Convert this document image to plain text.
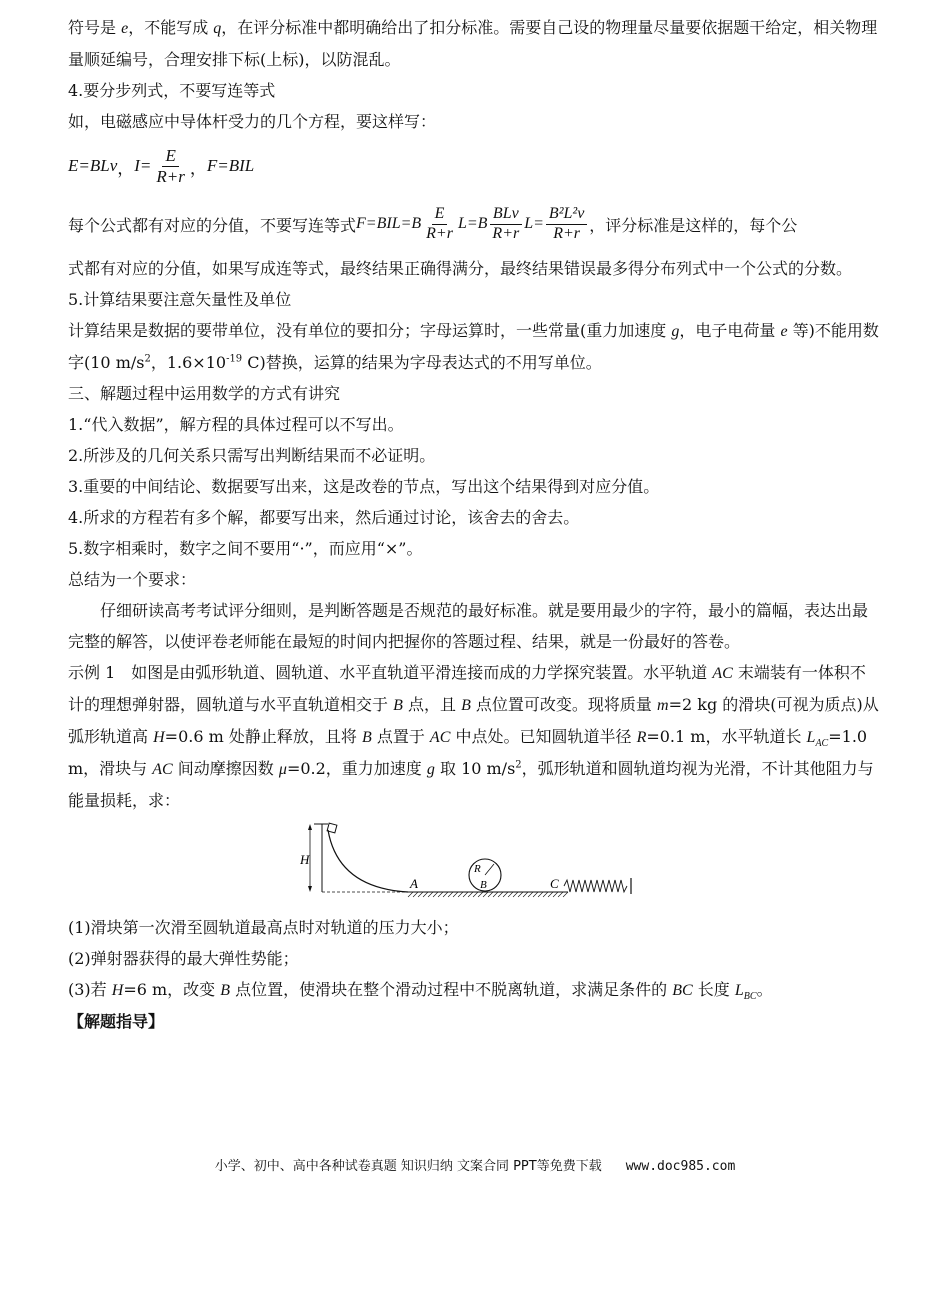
符号是 e，不能写成 q，在评分标准中都明确给出了扣分标准。需要自己设的物理量尽量要依据题干给定，相关物理量顺延编号，合理安排下标(上标)，以防混乱。

4.要分步列式，不要写连等式

如，电磁感应中导体杆受力的几个方程，要这样写：

E=BLv ， $I= \frac{E}{R+r}$ ， F=BIL

每个公式都有对应的分值，不要写连等式 $F=BIL=B \frac{E}{R+r} L=B \frac{\text{BLv}}{R+r} L= \frac{\text{B²L²v}}{R+r}$ ，评分标准是这样的，每个公

式都有对应的分值，如果写成连等式，最终结果正确得满分，最终结果错误最多得分布列式中一个公式的分数。

5.计算结果要注意矢量性及单位

计算结果是数据的要带单位，没有单位的要扣分；字母运算时，一些常量(重力加速度 g，电子电荷量 e 等)不能用数字(10 $m/s^2$，$1.6\times 10^{-19}$ C)替换，运算的结果为字母表达式的不用写单位。

三、解题过程中运用数学的方式有讲究

1.“代入数据”，解方程的具体过程可以不写出。

2.所涉及的几何关系只需写出判断结果而不必证明。

3.重要的中间结论、数据要写出来，这是改卷的节点，写出这个结果得到对应分值。

4.所求的方程若有多个解，都要写出来，然后通过讨论，该舍去的舍去。

5.数字相乘时，数字之间不要用“·”，而应用“×”。

总结为一个要求：

仔细研读高考考试评分细则，是判断答题是否规范的最好标准。就是要用最少的字符，最小的篇幅，表达出最完整的解答，以使评卷老师能在最短的时间内把握你的答题过程、结果，就是一份最好的答卷。

示例 1　如图是由弧形轨道、圆轨道、水平直轨道平滑连接而成的力学探究装置。水平轨道 AC 末端装有一体积不计的理想弹射器，圆轨道与水平直轨道相交于 B 点，且 B 点位置可改变。现将质量 m=2 kg 的滑块(可视为质点)从弧形轨道高 H=0.6 m 处静止释放，且将 B 点置于 AC 中点处。已知圆轨道半径 R=0.1 m，水平轨道长 $L_{AC}=1.0$ m，滑块与 AC 间动摩擦因数 μ=0.2，重力加速度 g 取 10 $m/s^2$，弧形轨道和圆轨道均视为光滑，不计其他阻力与能量损耗，求：

H
A
R
B	C

(1)滑块第一次滑至圆轨道最高点时对轨道的压力大小；

(2)弹射器获得的最大弹性势能；

(3)若 H=6 m，改变 B 点位置，使滑块在整个滑动过程中不脱离轨道，求满足条件的 BC 长度 $L_{BC}$。

【解题指导】

小学、初中、高中各种试卷真题 知识归纳 文案合同 PPT等免费下载 www.doc985.com
